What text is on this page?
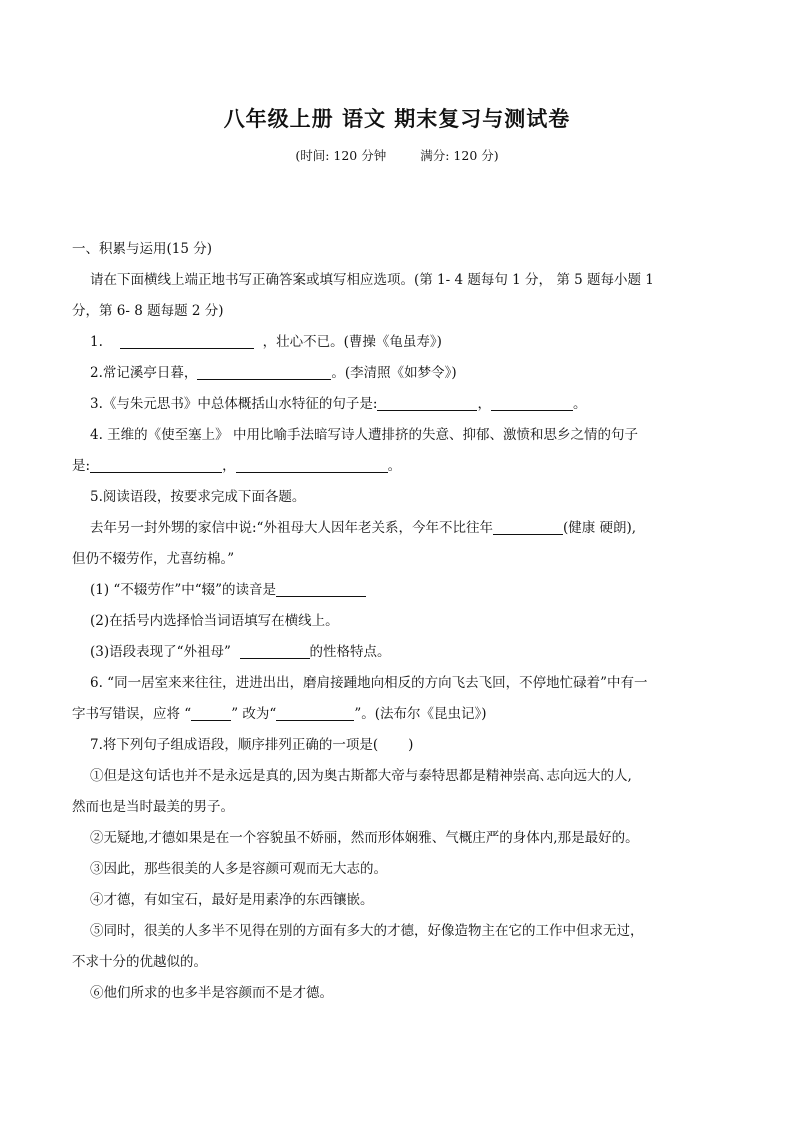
八年级上册 语文 期末复习与测试卷
(时间: 120 分钟	满分: 120 分)
一、积累与运用(15 分)
请在下面横线上端正地书写正确答案或填写相应选项。(第 1- 4 题每句 1 分， 第 5 题每小题 1
分，第 6- 8 题每题 2 分)
1.	，壮心不已。(曹操《龟虽寿》)
2.常记溪亭日暮，	。(李清照《如梦令》)
3.《与朱元思书》中总体概括山水特征的句子是:	，	。
4. 王维的《使至塞上》 中用比喻手法暗写诗人遭排挤的失意、抑郁、激愤和思乡之情的句子
是:	，	。
5.阅读语段，按要求完成下面各题。
去年另一封外甥的家信中说:“外祖母大人因年老关系，今年不比往年	(健康 硬朗),
但仍不辍劳作，尤喜纺棉。”
(1) “不辍劳作”中“辍”的读音是
(2)在括号内选择恰当词语填写在横线上。
(3)语段表现了“外祖母”	的性格特点。
6. “同一居室来来往往，进进出出，磨肩接踵地向相反的方向飞去飞回，不停地忙碌着”中有一
字书写错误，应将 “	” 改为“	”。(法布尔《昆虫记》)
7.将下列句子组成语段，顺序排列正确的一项是( )
①但是这句话也并不是永远是真的,因为奥古斯都大帝与泰特思都是精神崇高､志向远大的人,
然而也是当时最美的男子。
②无疑地,才德如果是在一个容貌虽不娇丽，然而形体娴雅、气概庄严的身体内,那是最好的。
③因此，那些很美的人多是容颜可观而无大志的。
④才德，有如宝石，最好是用素净的东西镶嵌。
⑤同时，很美的人多半不见得在别的方面有多大的才德，好像造物主在它的工作中但求无过，
不求十分的优越似的。
⑥他们所求的也多半是容颜而不是才德。
